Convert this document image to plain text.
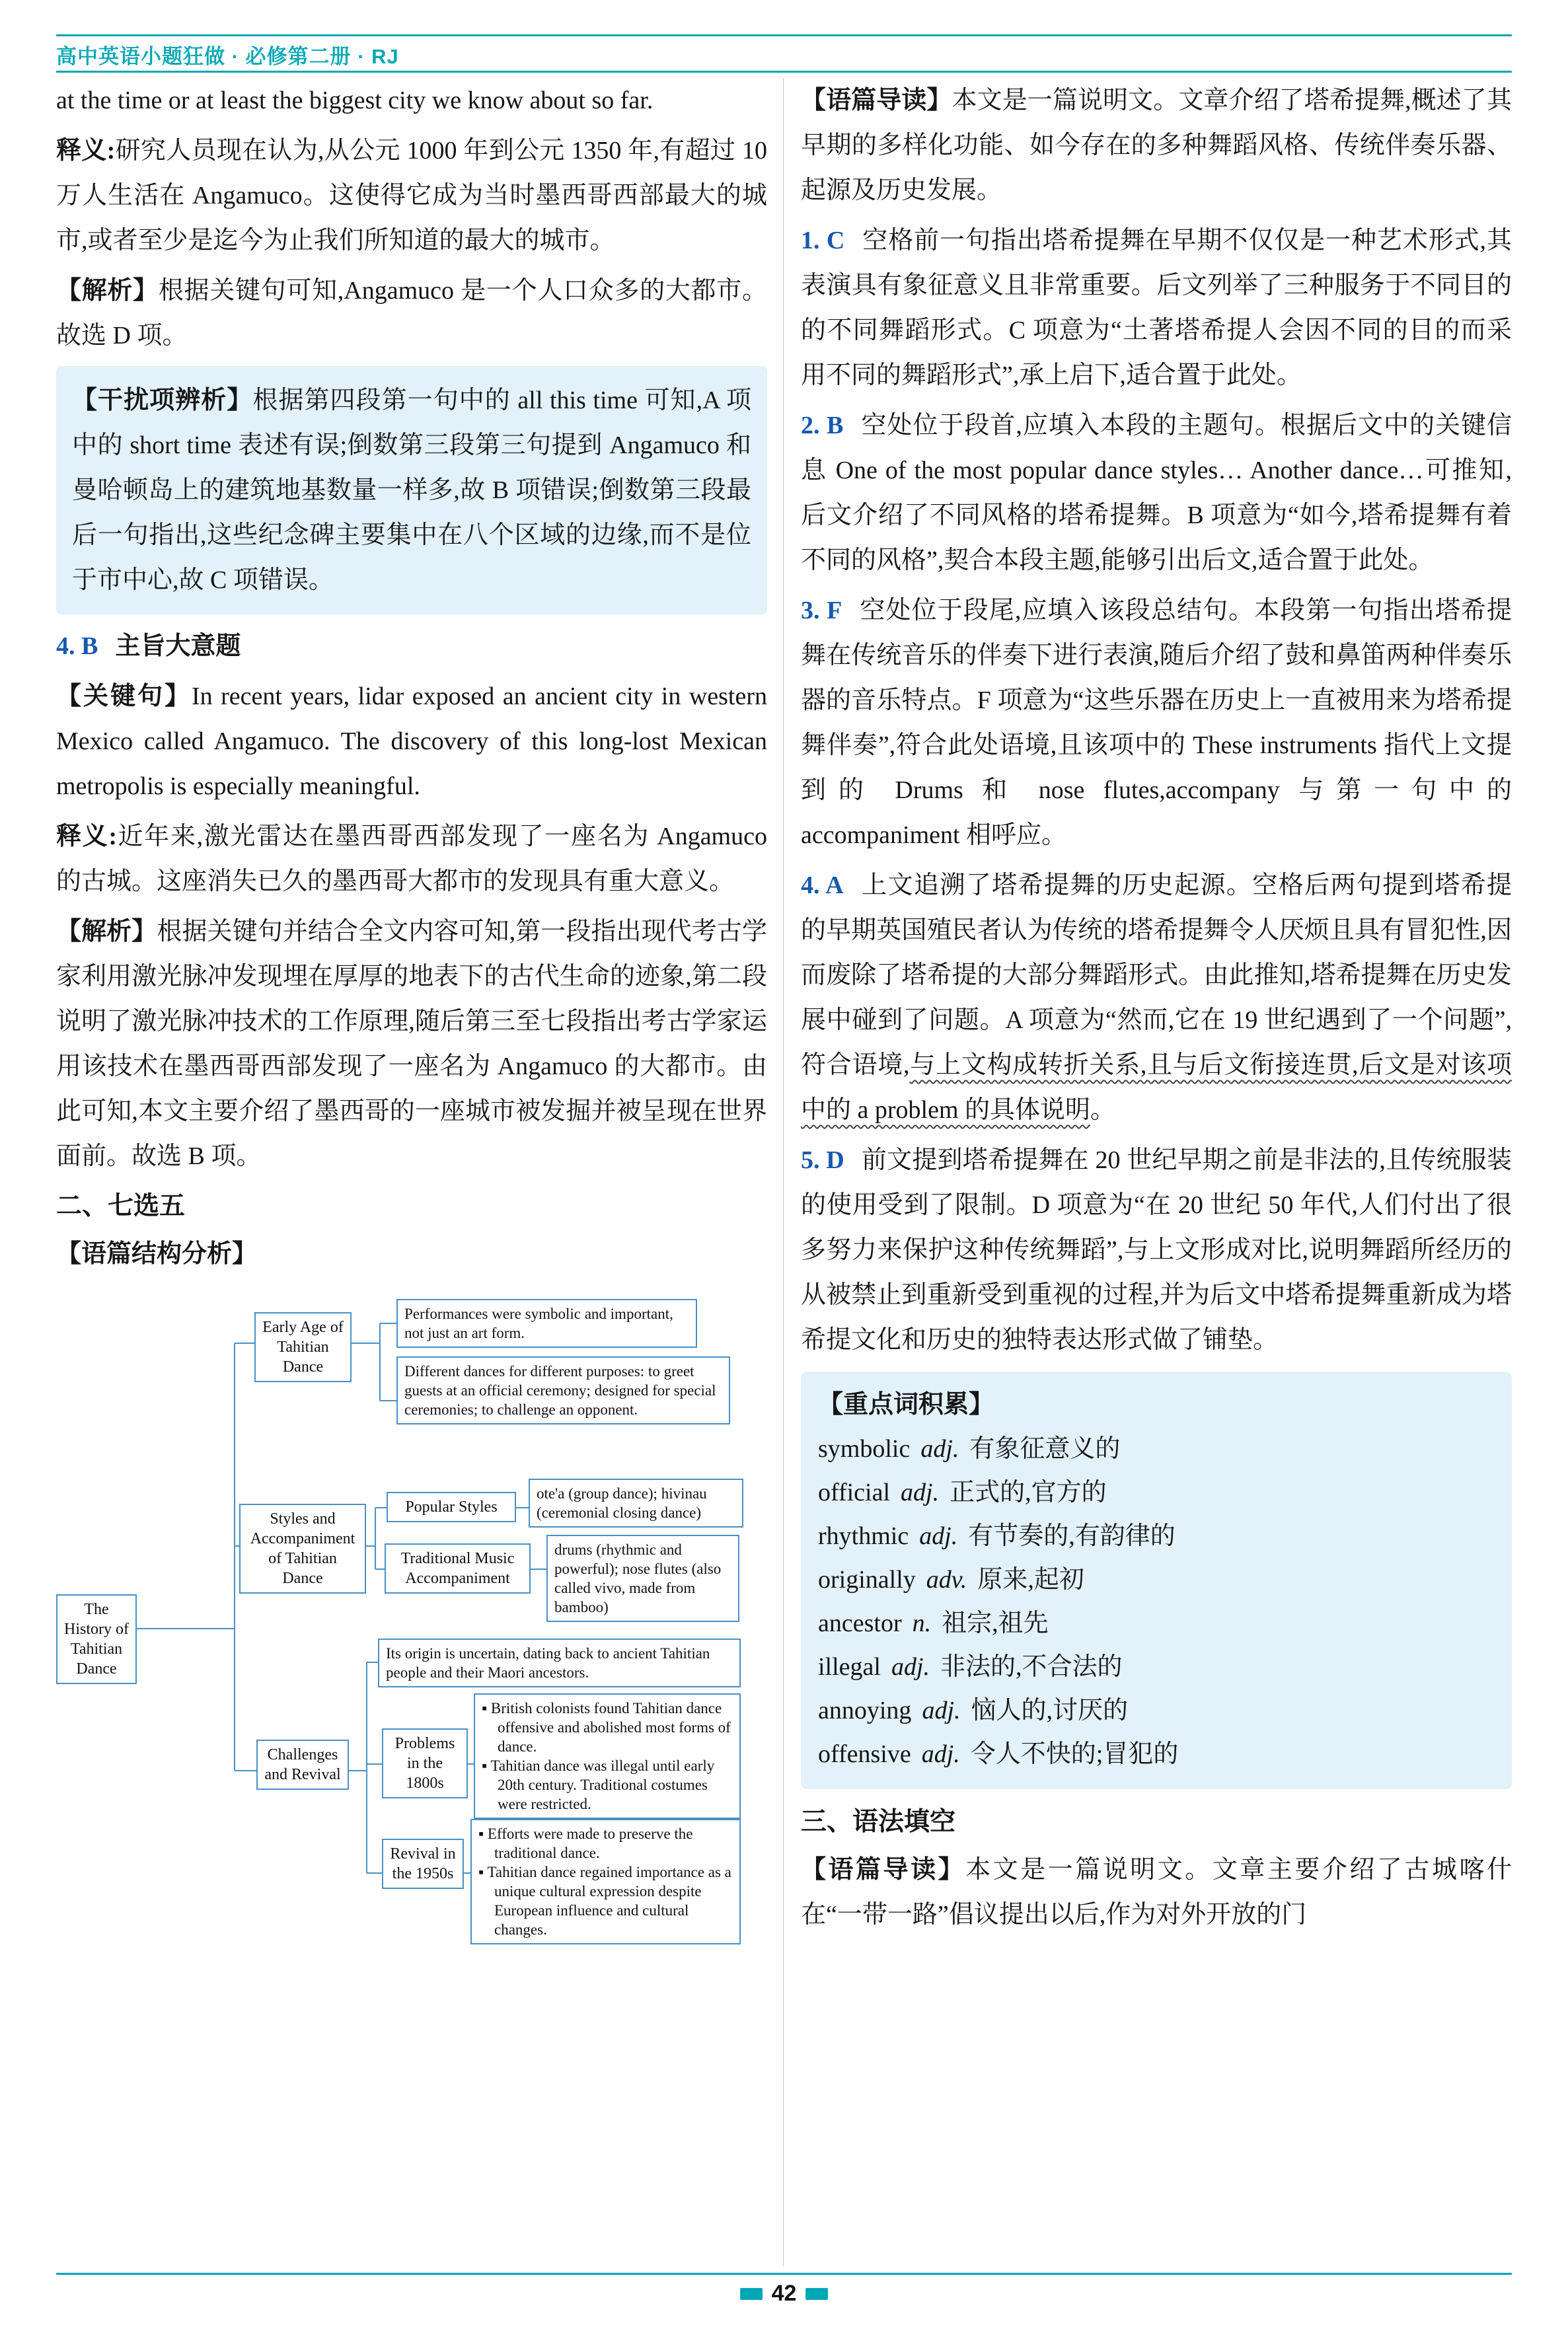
高中英语小题狂做 · 必修第二册 · RJ

at the time or at least the biggest city we know about so far.

释义:研究人员现在认为,从公元 1000 年到公元 1350 年,有超过 10 万人生活在 Angamuco。这使得它成为当时墨西哥西部最大的城市,或者至少是迄今为止我们所知道的最大的城市。

【解析】根据关键句可知,Angamuco 是一个人口众多的大都市。故选 D 项。

【干扰项辨析】根据第四段第一句中的 all this time 可知,A 项中的 short time 表述有误;倒数第三段第三句提到 Angamuco 和曼哈顿岛上的建筑地基数量一样多,故 B 项错误;倒数第三段最后一句指出,这些纪念碑主要集中在八个区域的边缘,而不是位于市中心,故 C 项错误。

4. B 主旨大意题

【关键句】In recent years, lidar exposed an ancient city in western Mexico called Angamuco. The discovery of this long-lost Mexican metropolis is especially meaningful.

释义:近年来,激光雷达在墨西哥西部发现了一座名为 Angamuco 的古城。这座消失已久的墨西哥大都市的发现具有重大意义。

【解析】根据关键句并结合全文内容可知,第一段指出现代考古学家利用激光脉冲发现埋在厚厚的地表下的古代生命的迹象,第二段说明了激光脉冲技术的工作原理,随后第三至七段指出考古学家运用该技术在墨西哥西部发现了一座名为 Angamuco 的大都市。由此可知,本文主要介绍了墨西哥的一座城市被发掘并被呈现在世界面前。故选 B 项。

二、七选五
【语篇结构分析】
The History of Tahitian Dance
Early Age of Tahitian Dance
Performances were symbolic and important, not just an art form.
Different dances for different purposes: to greet guests at an official ceremony; designed for special ceremonies; to challenge an opponent.
Styles and Accompaniment of Tahitian Dance
Popular Styles
ote'a (group dance); hivinau (ceremonial closing dance)
Traditional Music Accompaniment
drums (rhythmic and powerful); nose flutes (also called vivo, made from bamboo)
Its origin is uncertain, dating back to ancient Tahitian people and their Maori ancestors.
Challenges and Revival
Problems in the 1800s
▪ British colonists found Tahitian dance offensive and abolished most forms of dance.
▪ Tahitian dance was illegal until early 20th century. Traditional costumes were restricted.
Revival in the 1950s
▪ Efforts were made to preserve the traditional dance.
▪ Tahitian dance regained importance as a unique cultural expression despite European influence and cultural changes.

【语篇导读】本文是一篇说明文。文章介绍了塔希提舞,概述了其早期的多样化功能、如今存在的多种舞蹈风格、传统伴奏乐器、起源及历史发展。

1. C 空格前一句指出塔希提舞在早期不仅仅是一种艺术形式,其表演具有象征意义且非常重要。后文列举了三种服务于不同目的的不同舞蹈形式。C 项意为“土著塔希提人会因不同的目的而采用不同的舞蹈形式”,承上启下,适合置于此处。

2. B 空处位于段首,应填入本段的主题句。根据后文中的关键信息 One of the most popular dance styles… Another dance…可推知,后文介绍了不同风格的塔希提舞。B 项意为“如今,塔希提舞有着不同的风格”,契合本段主题,能够引出后文,适合置于此处。

3. F 空处位于段尾,应填入该段总结句。本段第一句指出塔希提舞在传统音乐的伴奏下进行表演,随后介绍了鼓和鼻笛两种伴奏乐器的音乐特点。F 项意为“这些乐器在历史上一直被用来为塔希提舞伴奏”,符合此处语境,且该项中的 These instruments 指代上文提到的 Drums 和 nose flutes,accompany 与第一句中的 accompaniment 相呼应。

4. A 上文追溯了塔希提舞的历史起源。空格后两句提到塔希提的早期英国殖民者认为传统的塔希提舞令人厌烦且具有冒犯性,因而废除了塔希提的大部分舞蹈形式。由此推知,塔希提舞在历史发展中碰到了问题。A 项意为“然而,它在 19 世纪遇到了一个问题”,符合语境,与上文构成转折关系,且与后文衔接连贯,后文是对该项中的 a problem 的具体说明。

5. D 前文提到塔希提舞在 20 世纪早期之前是非法的,且传统服装的使用受到了限制。D 项意为“在 20 世纪 50 年代,人们付出了很多努力来保护这种传统舞蹈”,与上文形成对比,说明舞蹈所经历的从被禁止到重新受到重视的过程,并为后文中塔希提舞重新成为塔希提文化和历史的独特表达形式做了铺垫。

【重点词积累】
symbolic adj. 有象征意义的
official adj. 正式的,官方的
rhythmic adj. 有节奏的,有韵律的
originally adv. 原来,起初
ancestor n. 祖宗,祖先
illegal adj. 非法的,不合法的
annoying adj. 恼人的,讨厌的
offensive adj. 令人不快的;冒犯的
三、语法填空

【语篇导读】本文是一篇说明文。文章主要介绍了古城喀什在“一带一路”倡议提出以后,作为对外开放的门

42
